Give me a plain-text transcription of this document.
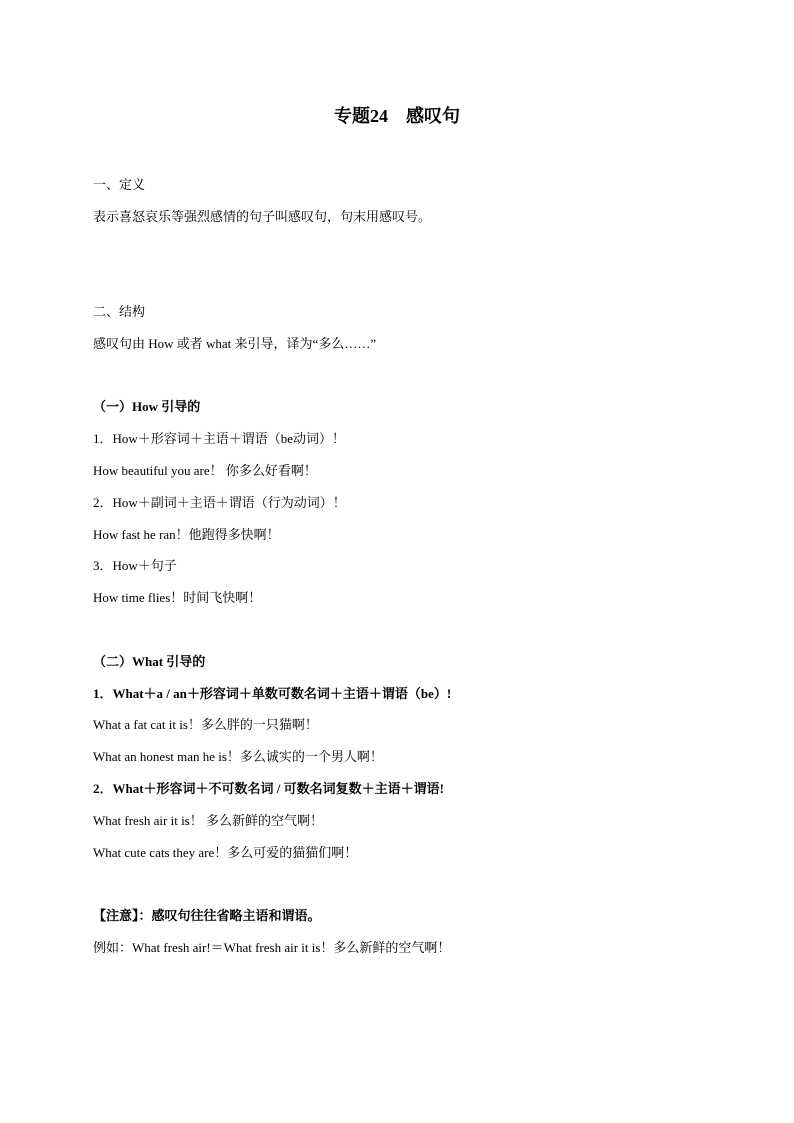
专题24　感叹句
一、定义
表示喜怒哀乐等强烈感情的句子叫感叹句，句末用感叹号。
二、结构
感叹句由 How 或者 what 来引导，译为“多么……”
（一）How 引导的
1．How＋形容词＋主语＋谓语（be动词）！
How beautiful you are！ 你多么好看啊！
2．How＋副词＋主语＋谓语（行为动词）！
How fast he ran！他跑得多快啊！
3．How＋句子
How time flies！时间飞快啊！
（二）What 引导的
1．What＋a / an＋形容词＋单数可数名词＋主语＋谓语（be）!
What a fat cat it is！多么胖的一只猫啊！
What an honest man he is！多么诚实的一个男人啊！
2．What＋形容词＋不可数名词 / 可数名词复数＋主语＋谓语!
What fresh air it is！ 多么新鲜的空气啊！
What cute cats they are！多么可爱的猫猫们啊！
【注意】：感叹句往往省略主语和谓语。
例如：What fresh air!＝What fresh air it is！多么新鲜的空气啊！
